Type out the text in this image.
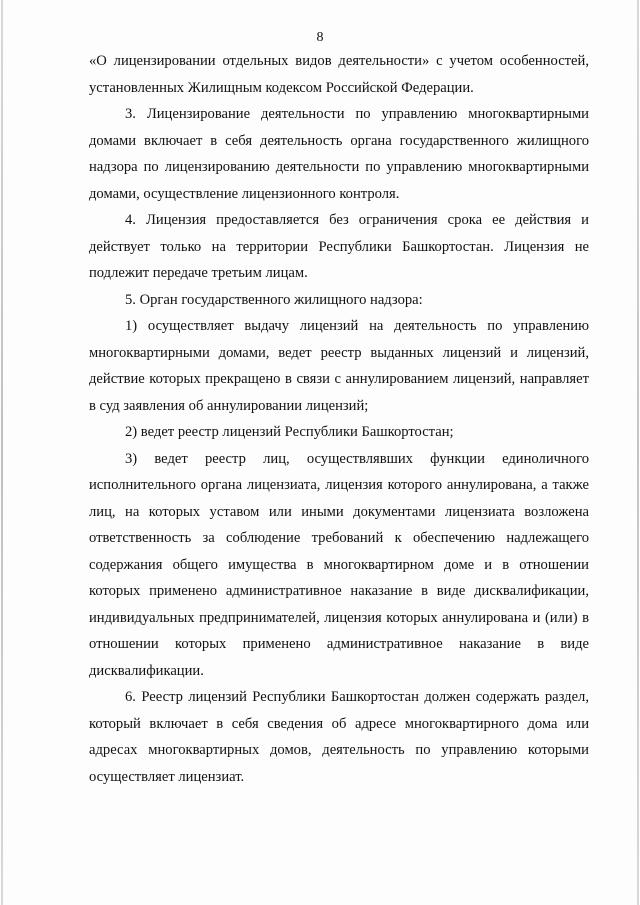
8

«О лицензировании отдельных видов деятельности» с учетом особенностей, установленных Жилищным кодексом Российской Федерации.

3. Лицензирование деятельности по управлению многоквартирными домами включает в себя деятельность органа государственного жилищного надзора по лицензированию деятельности по управлению многоквартирными домами, осуществление лицензионного контроля.

4. Лицензия предоставляется без ограничения срока ее действия и действует только на территории Республики Башкортостан. Лицензия не подлежит передаче третьим лицам.

5. Орган государственного жилищного надзора:

1) осуществляет выдачу лицензий на деятельность по управлению многоквартирными домами, ведет реестр выданных лицензий и лицензий, действие которых прекращено в связи с аннулированием лицензий, направляет в суд заявления об аннулировании лицензий;

2) ведет реестр лицензий Республики Башкортостан;

3) ведет реестр лиц, осуществлявших функции единоличного исполнительного органа лицензиата, лицензия которого аннулирована, а также лиц, на которых уставом или иными документами лицензиата возложена ответственность за соблюдение требований к обеспечению надлежащего содержания общего имущества в многоквартирном доме и в отношении которых применено административное наказание в виде дисквалификации, индивидуальных предпринимателей, лицензия которых аннулирована и (или) в отношении которых применено административное наказание в виде дисквалификации.

6. Реестр лицензий Республики Башкортостан должен содержать раздел, который включает в себя сведения об адресе многоквартирного дома или адресах многоквартирных домов, деятельность по управлению которыми осуществляет лицензиат.
